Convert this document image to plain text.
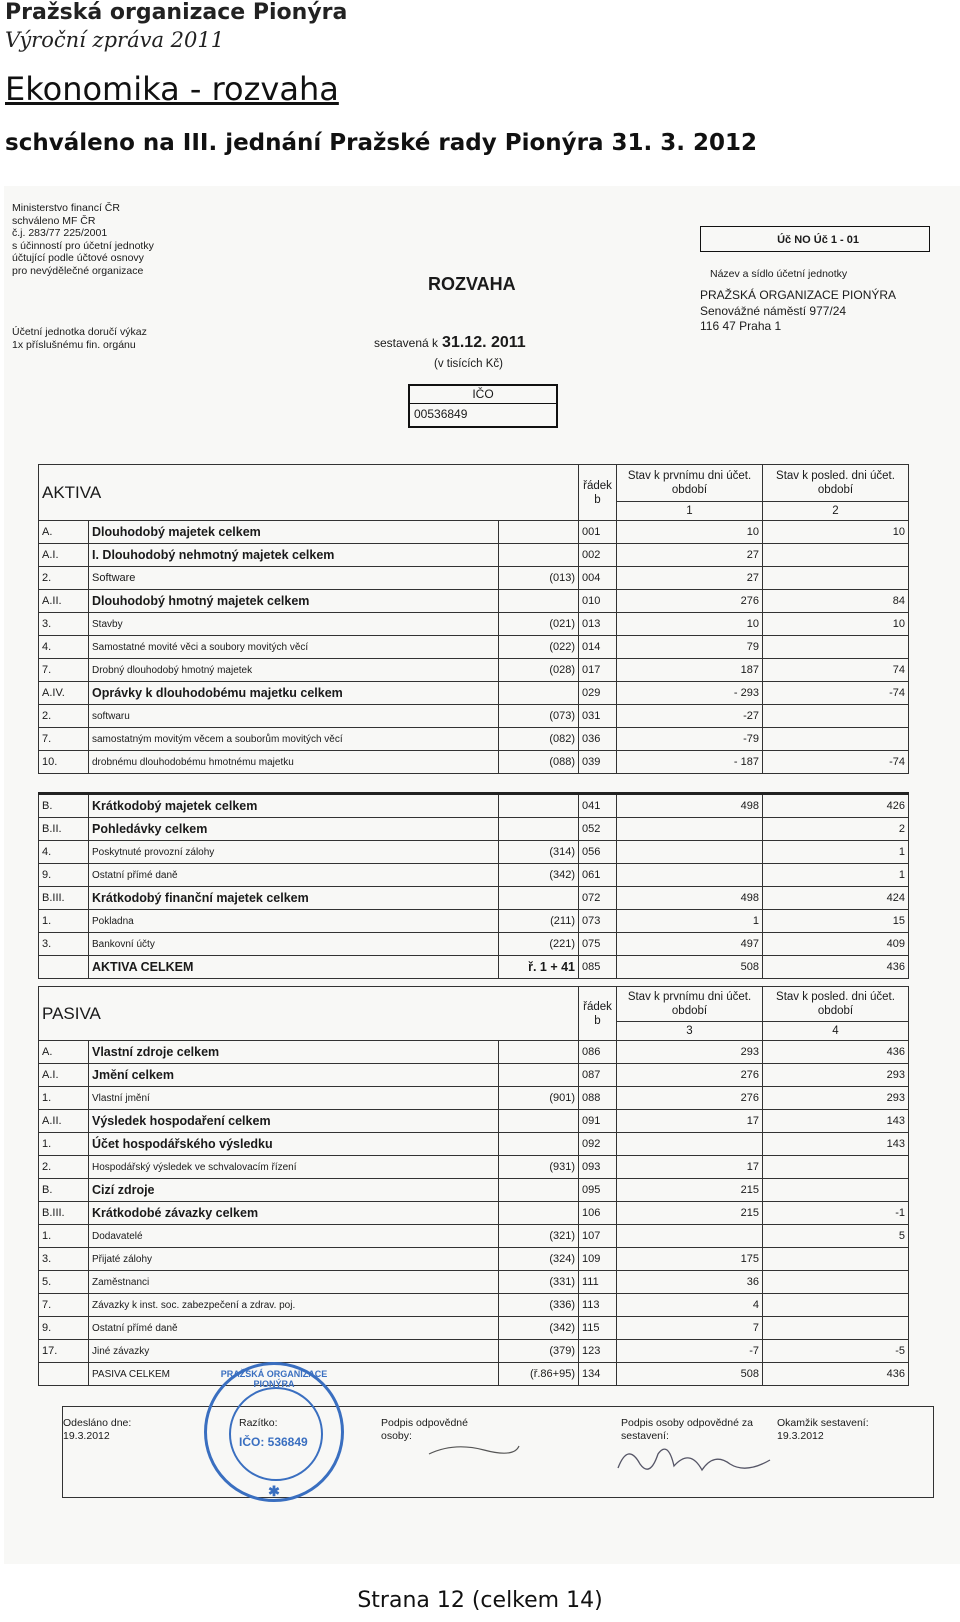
Pražská organizace Pionýra
Výroční zpráva 2011
Ekonomika - rozvaha
schváleno na III. jednání Pražské rady Pionýra 31. 3. 2012
Ministerstvo financí ČR
schváleno MF ČR
č.j. 283/77 225/2001
s účinností pro účetní jednotky
účtující podle účtové osnovy
pro nevýdělečné organizace
Účetní jednotka doručí výkaz
1x příslušnému fin. orgánu
ROZVAHA
sestavená k 31.12. 2011
(v tisících Kč)
IČO
00536849
Úč NO Úč 1 - 01
Název a sídlo účetní jednotky
PRAŽSKÁ ORGANIZACE PIONÝRA
Senovážné náměstí 977/24
116 47 Praha 1
AKTIVA			řádek
b	Stav k prvnímu dni účet. období	Stav k posled. dni účet. období
				1	2
A.	Dlouhodobý majetek celkem		001	10	10
A.I.	I. Dlouhodobý nehmotný majetek celkem		002	27	
2.	Software	(013)	004	27	
A.II.	Dlouhodobý hmotný majetek celkem		010	276	84
3.	Stavby	(021)	013	10	10
4.	Samostatné movité věci a soubory movitých věcí	(022)	014	79	
7.	Drobný dlouhodobý hmotný majetek	(028)	017	187	74
A.IV.	Oprávky k dlouhodobému majetku celkem		029	- 293	-74
2.	softwaru	(073)	031	-27	
7.	samostatným movitým věcem a souborům movitých věcí	(082)	036	-79	
10.	drobnému dlouhodobému hmotnému majetku	(088)	039	- 187	-74
B.	Krátkodobý majetek celkem		041	498	426
B.II.	Pohledávky celkem		052		2
4.	Poskytnuté provozní zálohy	(314)	056		1
9.	Ostatní přímé daně	(342)	061		1
B.III.	Krátkodobý finanční majetek celkem		072	498	424
1.	Pokladna	(211)	073	1	15
3.	Bankovní účty	(221)	075	497	409
	AKTIVA CELKEM	ř. 1 + 41	085	508	436
PASIVA			řádek
b	Stav k prvnímu dni účet. období	Stav k posled. dni účet. období
				3	4
A.	Vlastní zdroje celkem		086	293	436
A.I.	Jmění celkem		087	276	293
1.	Vlastní jmění	(901)	088	276	293
A.II.	Výsledek hospodaření celkem		091	17	143
1.	Účet hospodářského výsledku		092		143
2.	Hospodářský výsledek ve schvalovacím řízení	(931)	093	17	
B.	Cizí zdroje		095	215	
B.III.	Krátkodobé závazky celkem		106	215	-1
1.	Dodavatelé	(321)	107		5
3.	Přijaté zálohy	(324)	109	175	
5.	Zaměstnanci	(331)	111	36	
7.	Závazky k inst. soc. zabezpečení a zdrav. poj.	(336)	113	4	
9.	Ostatní přímé daně	(342)	115	7	
17.	Jiné závazky	(379)	123	-7	-5
	PASIVA CELKEM	(ř.86+95)	134	508	436
Odesláno dne:
19.3.2012
Razítko:
IČO: 536849
Podpis odpovědné osoby:
Podpis osoby odpovědné za sestavení:
Okamžik sestavení:
19.3.2012
PRAŽSKÁ ORGANIZACE PIONÝRA
✱
Strana 12 (celkem 14)
